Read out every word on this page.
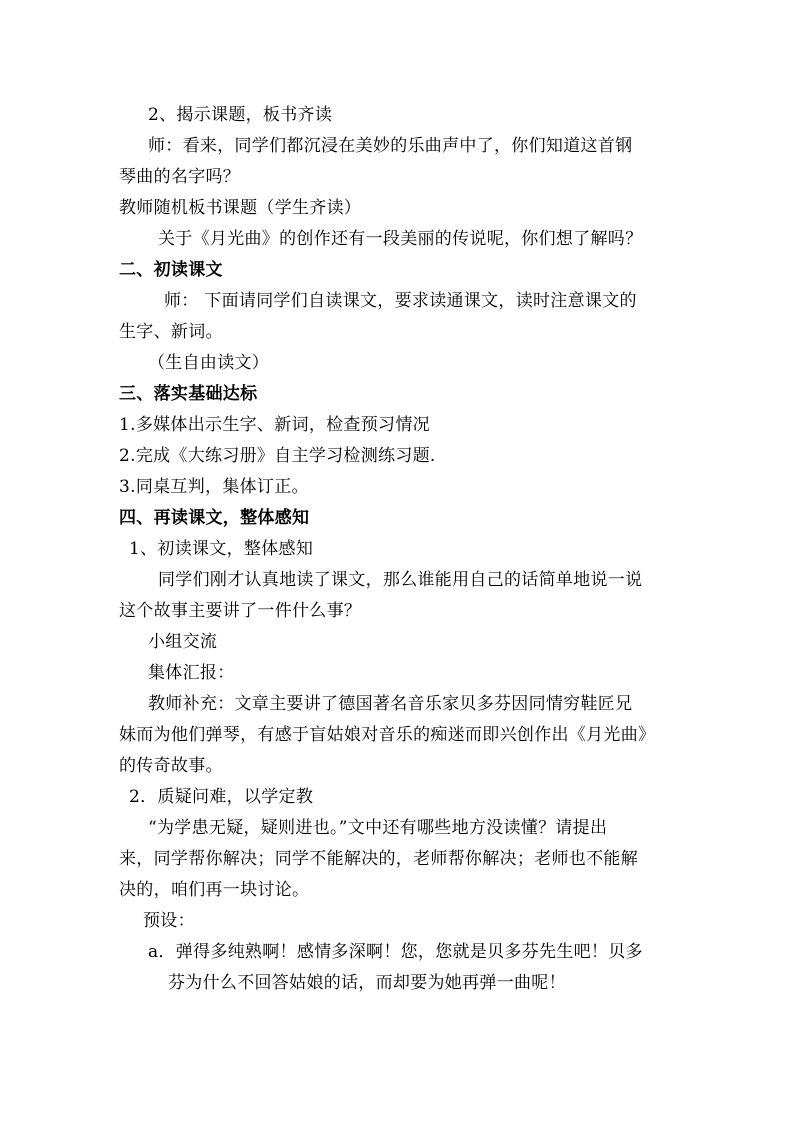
2、揭示课题，板书齐读
师：看来，同学们都沉浸在美妙的乐曲声中了，你们知道这首钢
琴曲的名字吗？
教师随机板书课题（学生齐读）
关于《月光曲》的创作还有一段美丽的传说呢，你们想了解吗？
二、初读课文
师： 下面请同学们自读课文，要求读通课文，读时注意课文的
生字、新词。
（生自由读文）
三、落实基础达标
1.多媒体出示生字、新词，检查预习情况
2.完成《大练习册》自主学习检测练习题.
3.同桌互判，集体订正。
四、再读课文，整体感知
1、初读课文，整体感知
同学们刚才认真地读了课文，那么谁能用自己的话简单地说一说
这个故事主要讲了一件什么事？
小组交流
集体汇报：
教师补充：文章主要讲了德国著名音乐家贝多芬因同情穷鞋匠兄
妹而为他们弹琴，有感于盲姑娘对音乐的痴迷而即兴创作出《月光曲》
的传奇故事。
2．质疑问难，以学定教
“为学患无疑，疑则进也。”文中还有哪些地方没读懂？请提出
来，同学帮你解决；同学不能解决的，老师帮你解决；老师也不能解
决的，咱们再一块讨论。
预设：
a．弹得多纯熟啊！感情多深啊！您，您就是贝多芬先生吧！贝多
芬为什么不回答姑娘的话，而却要为她再弹一曲呢！
